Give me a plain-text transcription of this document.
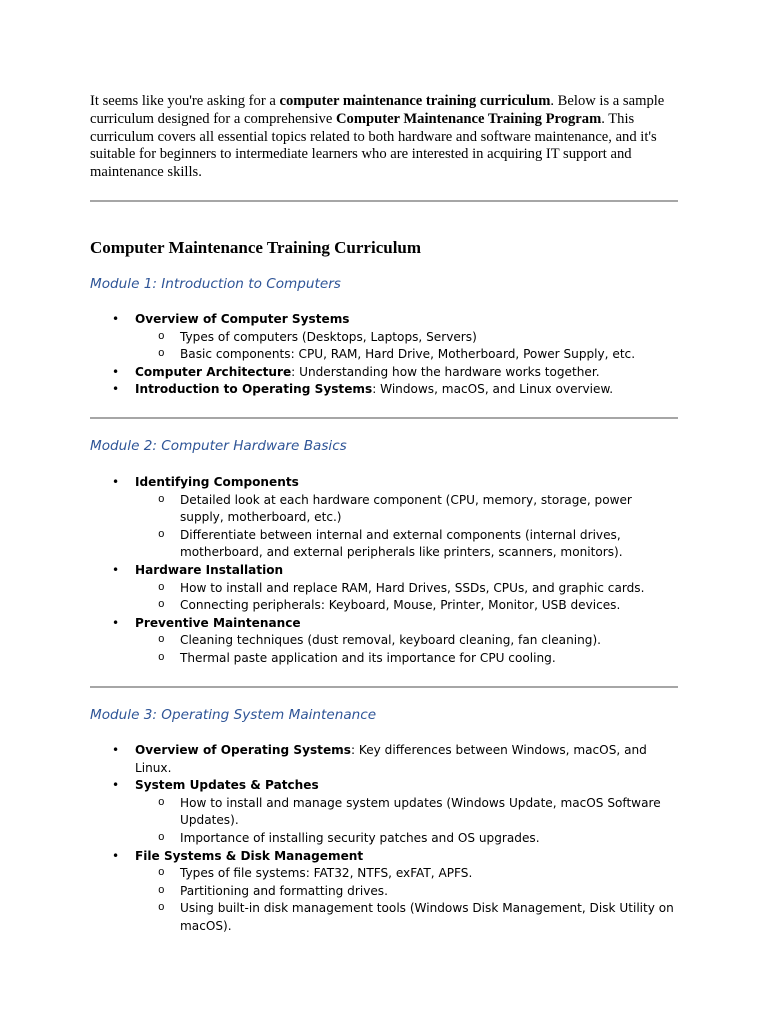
It seems like you're asking for a computer maintenance training curriculum. Below is a sample curriculum designed for a comprehensive Computer Maintenance Training Program. This curriculum covers all essential topics related to both hardware and software maintenance, and it's suitable for beginners to intermediate learners who are interested in acquiring IT support and maintenance skills.

Computer Maintenance Training Curriculum
Module 1: Introduction to Computers
• Overview of Computer Systems
o Types of computers (Desktops, Laptops, Servers)
o Basic components: CPU, RAM, Hard Drive, Motherboard, Power Supply, etc.
• Computer Architecture: Understanding how the hardware works together.
• Introduction to Operating Systems: Windows, macOS, and Linux overview.
Module 2: Computer Hardware Basics
• Identifying Components
o Detailed look at each hardware component (CPU, memory, storage, power supply, motherboard, etc.)
o Differentiate between internal and external components (internal drives, motherboard, and external peripherals like printers, scanners, monitors).
• Hardware Installation
o How to install and replace RAM, Hard Drives, SSDs, CPUs, and graphic cards.
o Connecting peripherals: Keyboard, Mouse, Printer, Monitor, USB devices.
• Preventive Maintenance
o Cleaning techniques (dust removal, keyboard cleaning, fan cleaning).
o Thermal paste application and its importance for CPU cooling.
Module 3: Operating System Maintenance
• Overview of Operating Systems: Key differences between Windows, macOS, and Linux.
• System Updates & Patches
o How to install and manage system updates (Windows Update, macOS Software Updates).
o Importance of installing security patches and OS upgrades.
• File Systems & Disk Management
o Types of file systems: FAT32, NTFS, exFAT, APFS.
o Partitioning and formatting drives.
o Using built-in disk management tools (Windows Disk Management, Disk Utility on macOS).
